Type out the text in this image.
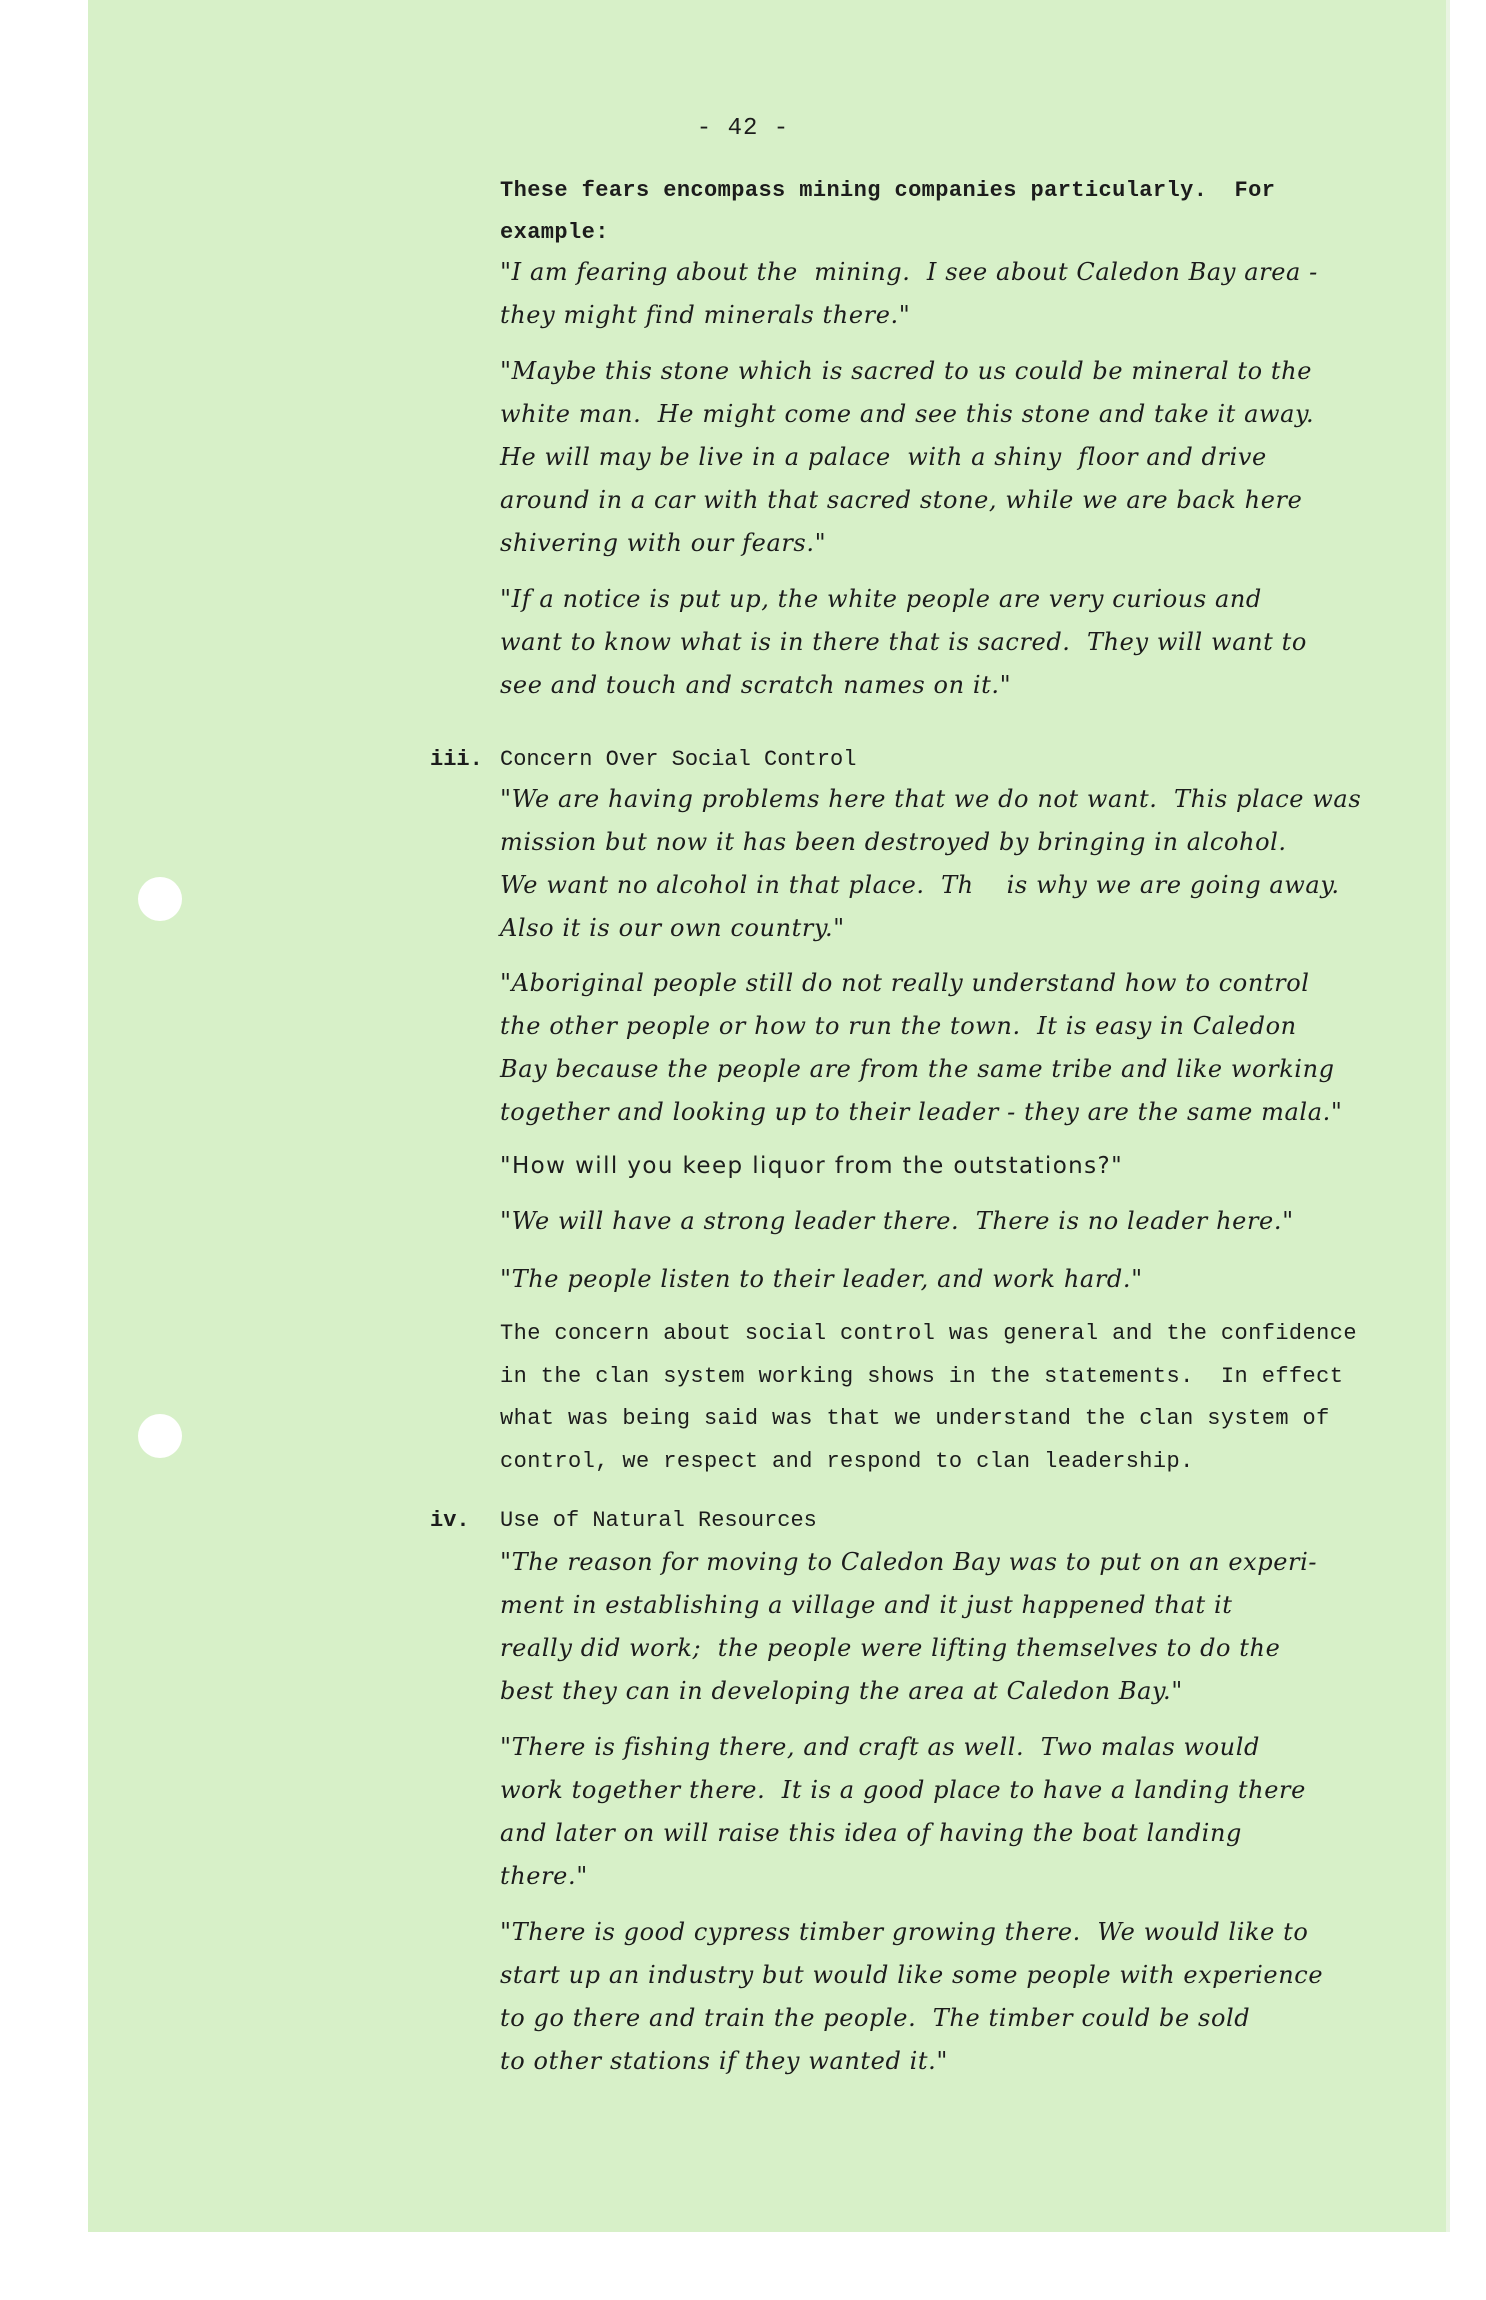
- 42 -
These fears encompass mining companies particularly.  For
example:
"I am fearing about the  mining.  I see about Caledon Bay area -
they might find minerals there."
"Maybe this stone which is sacred to us could be mineral to the
white man.  He might come and see this stone and take it away.
He will may be live in a palace  with a shiny  floor and drive
around in a car with that sacred stone, while we are back here
shivering with our fears."
"If a notice is put up, the white people are very curious and
want to know what is in there that is sacred.  They will want to
see and touch and scratch names on it."
iii. Concern Over Social Control
"We are having problems here that we do not want.  This place was
mission but now it has been destroyed by bringing in alcohol.
We want no alcohol in that place.  Th    is why we are going away.
Also it is our own country."
"Aboriginal people still do not really understand how to control
the other people or how to run the town.  It is easy in Caledon
Bay because the people are from the same tribe and like working
together and looking up to their leader - they are the same mala."
"How will you keep liquor from the outstations?"
"We will have a strong leader there.  There is no leader here."
"The people listen to their leader, and work hard."
The concern about social control was general and the confidence
in the clan system working shows in the statements.  In effect
what was being said was that we understand the clan system of
control, we respect and respond to clan leadership.
iv. Use of Natural Resources
"The reason for moving to Caledon Bay was to put on an experi-
ment in establishing a village and it just happened that it
really did work;  the people were lifting themselves to do the
best they can in developing the area at Caledon Bay."
"There is fishing there, and craft as well.  Two malas would
work together there.  It is a good place to have a landing there
and later on will raise this idea of having the boat landing
there."
"There is good cypress timber growing there.  We would like to
start up an industry but would like some people with experience
to go there and train the people.  The timber could be sold
to other stations if they wanted it."
